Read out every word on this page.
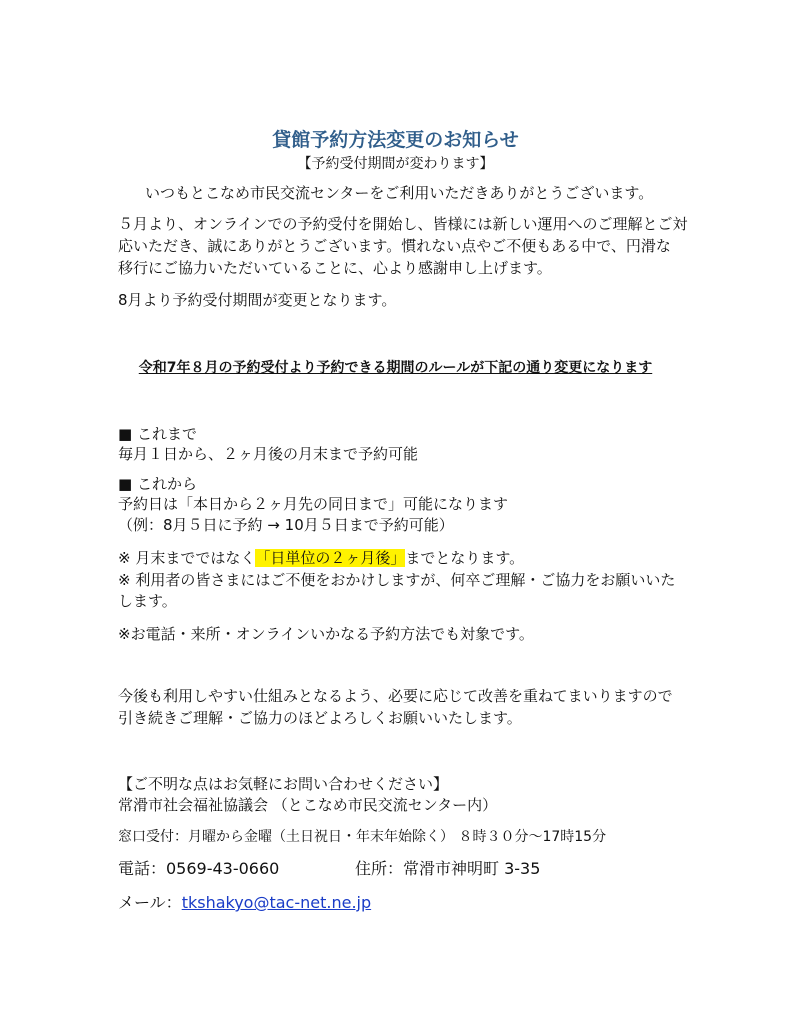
貸館予約方法変更のお知らせ
【予約受付期間が変わります】
いつもとこなめ市民交流センターをご利用いただきありがとうございます。
５月より、オンラインでの予約受付を開始し、皆様には新しい運用へのご理解とご対
応いただき、誠にありがとうございます。慣れない点やご不便もある中で、円滑な
移行にご協力いただいていることに、心より感謝申し上げます。
8月より予約受付期間が変更となります。
令和7年８月の予約受付より予約できる期間のルールが下記の通り変更になります
■ これまで
毎月１日から、２ヶ月後の月末まで予約可能
■ これから
予約日は「本日から２ヶ月先の同日まで」可能になります
（例：8月５日に予約 → 10月５日まで予約可能）
※ 月末までではなく「日単位の２ヶ月後」までとなります。
※ 利用者の皆さまにはご不便をおかけしますが、何卒ご理解・ご協力をお願いいた
します。
※お電話・来所・オンラインいかなる予約方法でも対象です。
今後も利用しやすい仕組みとなるよう、必要に応じて改善を重ねてまいりますので
引き続きご理解・ご協力のほどよろしくお願いいたします。
【ご不明な点はお気軽にお問い合わせください】
常滑市社会福祉協議会 （とこなめ市民交流センター内）
窓口受付：月曜から金曜（土日祝日・年末年始除く） ８時３０分～17時15分
電話：0569-43-0660	住所：常滑市神明町 3-35
メール：tkshakyo@tac-net.ne.jp
